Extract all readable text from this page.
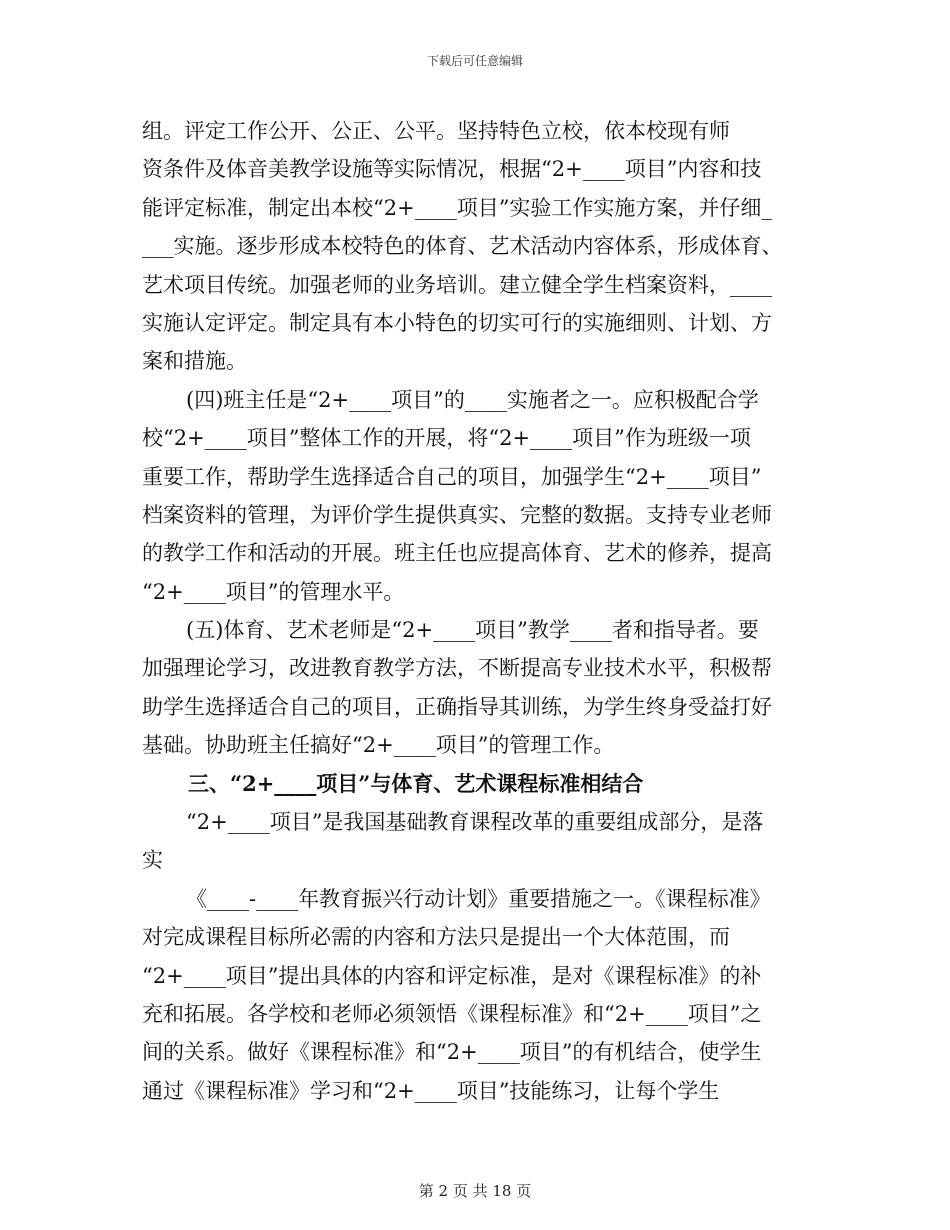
下载后可任意编辑
组。评定工作公开、公正、公平。坚持特色立校，依本校现有师
资条件及体音美教学设施等实际情况，根据“2+____项目”内容和技
能评定标准，制定出本校“2+____项目”实验工作实施方案，并仔细_
___实施。逐步形成本校特色的体育、艺术活动内容体系，形成体育、
艺术项目传统。加强老师的业务培训。建立健全学生档案资料，____
实施认定评定。制定具有本小特色的切实可行的实施细则、计划、方
案和措施。
(四)班主任是“2+____项目”的____实施者之一。应积极配合学
校“2+____项目”整体工作的开展，将“2+____项目”作为班级一项
重要工作，帮助学生选择适合自己的项目，加强学生“2+____项目”
档案资料的管理，为评价学生提供真实、完整的数据。支持专业老师
的教学工作和活动的开展。班主任也应提高体育、艺术的修养，提高
“2+____项目”的管理水平。
(五)体育、艺术老师是“2+____项目”教学____者和指导者。要
加强理论学习，改进教育教学方法，不断提高专业技术水平，积极帮
助学生选择适合自己的项目，正确指导其训练，为学生终身受益打好
基础。协助班主任搞好“2+____项目”的管理工作。
三、“2+____项目”与体育、艺术课程标准相结合
“2+____项目”是我国基础教育课程改革的重要组成部分，是落
实
《____-____年教育振兴行动计划》重要措施之一。《课程标准》
对完成课程目标所必需的内容和方法只是提出一个大体范围，而
“2+____项目”提出具体的内容和评定标准，是对《课程标准》的补
充和拓展。各学校和老师必须领悟《课程标准》和“2+____项目”之
间的关系。做好《课程标准》和“2+____项目”的有机结合，使学生
通过《课程标准》学习和“2+____项目”技能练习，让每个学生
第 2 页 共 18 页
